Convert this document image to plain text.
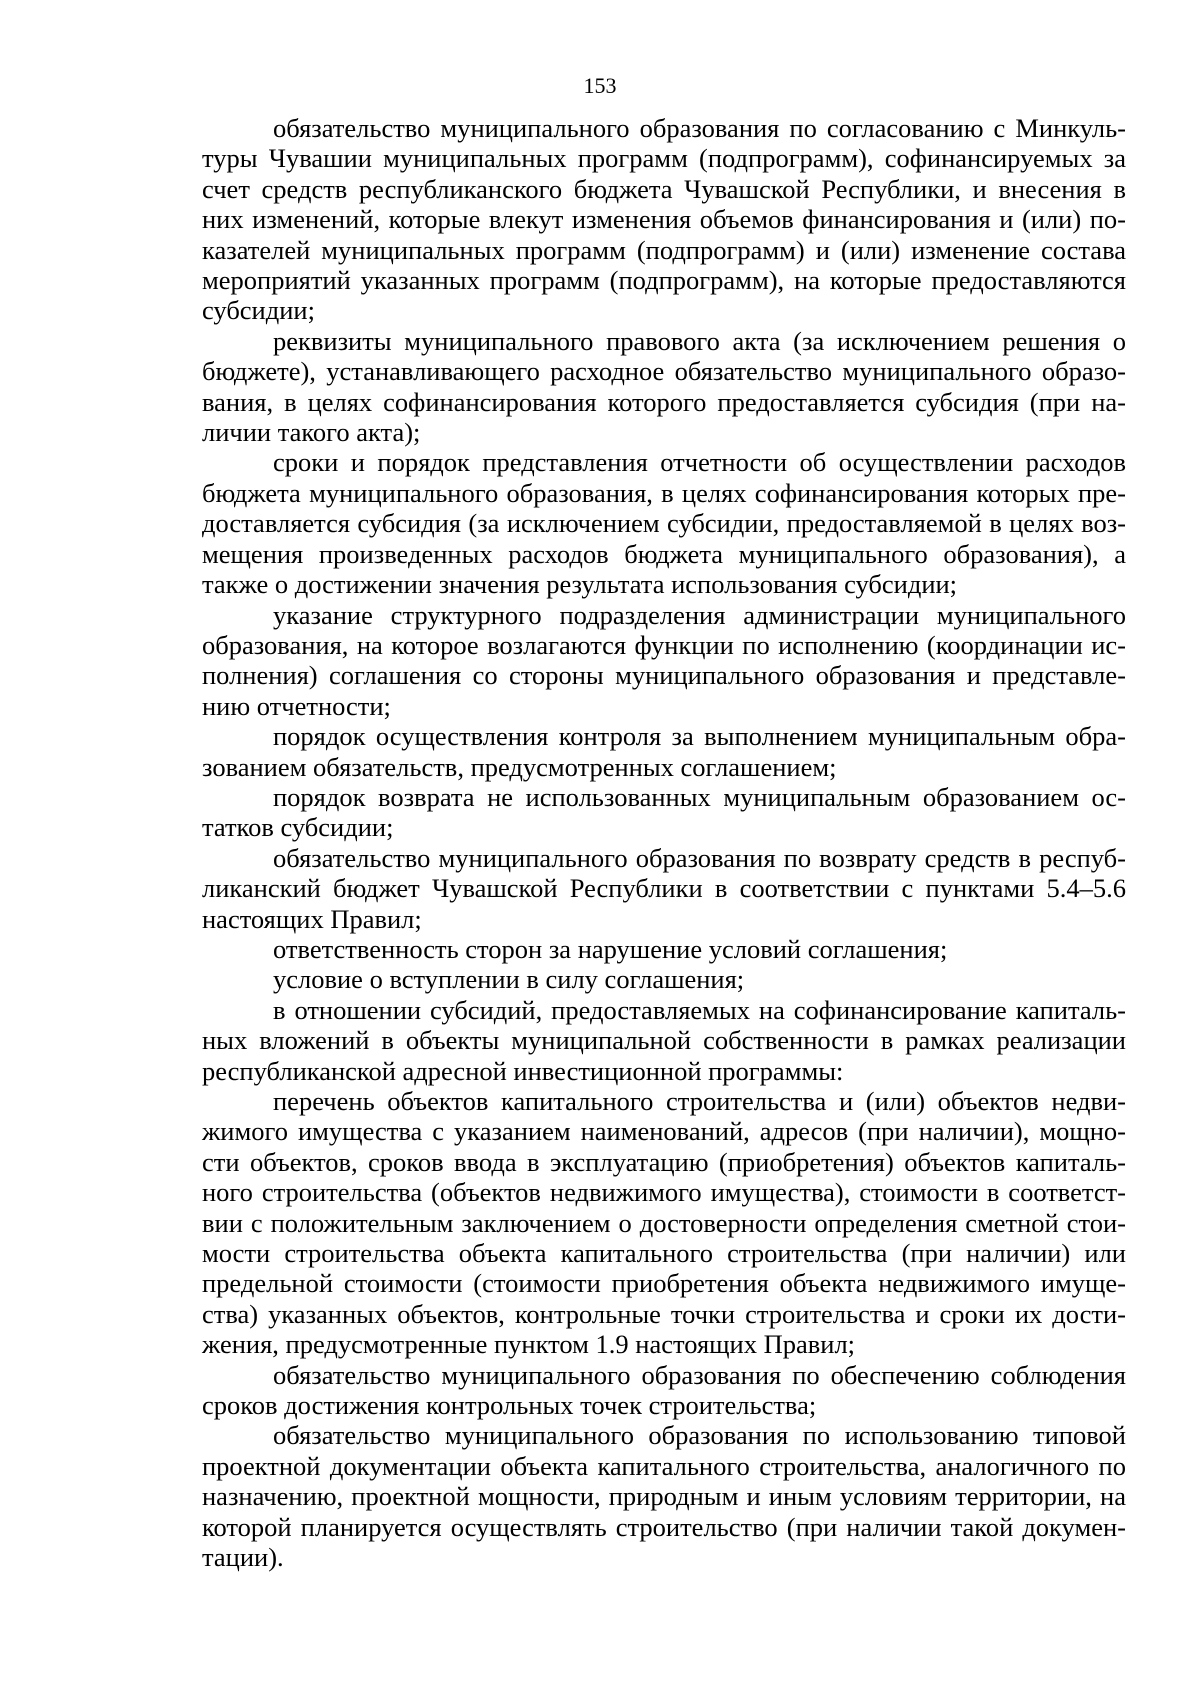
153

обязательство муниципального образования по согласованию с Минкультуры Чувашии муниципальных программ (подпрограмм), софинансируемых за счет средств республиканского бюджета Чувашской Республики, и внесения в них изменений, которые влекут изменения объемов финансирования и (или) показателей муниципальных программ (подпрограмм) и (или) изменение состава мероприятий указанных программ (подпрограмм), на которые предоставляются субсидии;

реквизиты муниципального правового акта (за исключением решения о бюджете), устанавливающего расходное обязательство муниципального образования, в целях софинансирования которого предоставляется субсидия (при наличии такого акта);

сроки и порядок представления отчетности об осуществлении расходов бюджета муниципального образования, в целях софинансирования которых предоставляется субсидия (за исключением субсидии, предоставляемой в целях возмещения произведенных расходов бюджета муниципального образования), а также о достижении значения результата использования субсидии;

указание структурного подразделения администрации муниципального образования, на которое возлагаются функции по исполнению (координации исполнения) соглашения со стороны муниципального образования и представлению отчетности;

порядок осуществления контроля за выполнением муниципальным образованием обязательств, предусмотренных соглашением;

порядок возврата не использованных муниципальным образованием остатков субсидии;

обязательство муниципального образования по возврату средств в республиканский бюджет Чувашской Республики в соответствии с пунктами 5.4–5.6 настоящих Правил;

ответственность сторон за нарушение условий соглашения;

условие о вступлении в силу соглашения;

в отношении субсидий, предоставляемых на софинансирование капитальных вложений в объекты муниципальной собственности в рамках реализации республиканской адресной инвестиционной программы:

перечень объектов капитального строительства и (или) объектов недвижимого имущества с указанием наименований, адресов (при наличии), мощности объектов, сроков ввода в эксплуатацию (приобретения) объектов капитального строительства (объектов недвижимого имущества), стоимости в соответствии с положительным заключением о достоверности определения сметной стоимости строительства объекта капитального строительства (при наличии) или предельной стоимости (стоимости приобретения объекта недвижимого имущества) указанных объектов, контрольные точки строительства и сроки их достижения, предусмотренные пунктом 1.9 настоящих Правил;

обязательство муниципального образования по обеспечению соблюдения сроков достижения контрольных точек строительства;

обязательство муниципального образования по использованию типовой проектной документации объекта капитального строительства, аналогичного по назначению, проектной мощности, природным и иным условиям территории, на которой планируется осуществлять строительство (при наличии такой документации).
